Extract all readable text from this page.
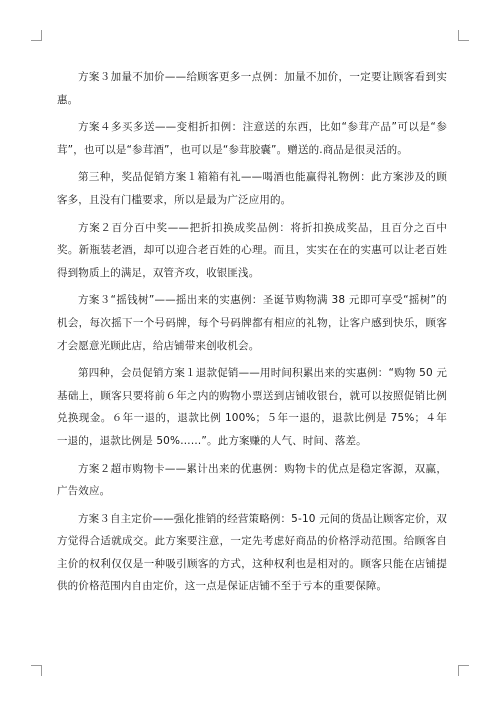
方案３加量不加价——给顾客更多一点例：加量不加价，一定要让顾客看到实惠。

方案４多买多送——变相折扣例：注意送的东西，比如“参茸产品”可以是“参茸”，也可以是“参茸酒”，也可以是“参茸胶囊”。赠送的.商品是很灵活的。

第三种，奖品促销方案１箱箱有礼——喝酒也能赢得礼物例：此方案涉及的顾客多，且没有门槛要求，所以是最为广泛应用的。

方案２百分百中奖——把折扣换成奖品例：将折扣换成奖品，且百分之百中奖。新瓶装老酒，却可以迎合老百姓的心理。而且，实实在在的实惠可以让老百姓得到物质上的满足，双管齐攻，收银匪浅。

方案３“摇钱树”——摇出来的实惠例：圣诞节购物满 38 元即可享受“摇树”的机会，每次摇下一个号码牌，每个号码牌都有相应的礼物，让客户感到快乐，顾客才会愿意光顾此店，给店铺带来创收机会。

第四种，会员促销方案１退款促销——用时间积累出来的实惠例：“购物 50 元基础上，顾客只要将前６年之内的购物小票送到店铺收银台，就可以按照促销比例兑换现金。６年一退的，退款比例 100%；５年一退的，退款比例是 75%；４年一退的，退款比例是 50%……”。此方案赚的人气、时间、落差。

方案２超市购物卡——累计出来的优惠例：购物卡的优点是稳定客源，双赢，广告效应。

方案３自主定价——强化推销的经营策略例：5-10 元间的货品让顾客定价，双方觉得合适就成交。此方案要注意，一定先考虑好商品的价格浮动范围。给顾客自主价的权利仅仅是一种吸引顾客的方式，这种权利也是相对的。顾客只能在店铺提供的价格范围内自由定价，这一点是保证店铺不至于亏本的重要保障。
